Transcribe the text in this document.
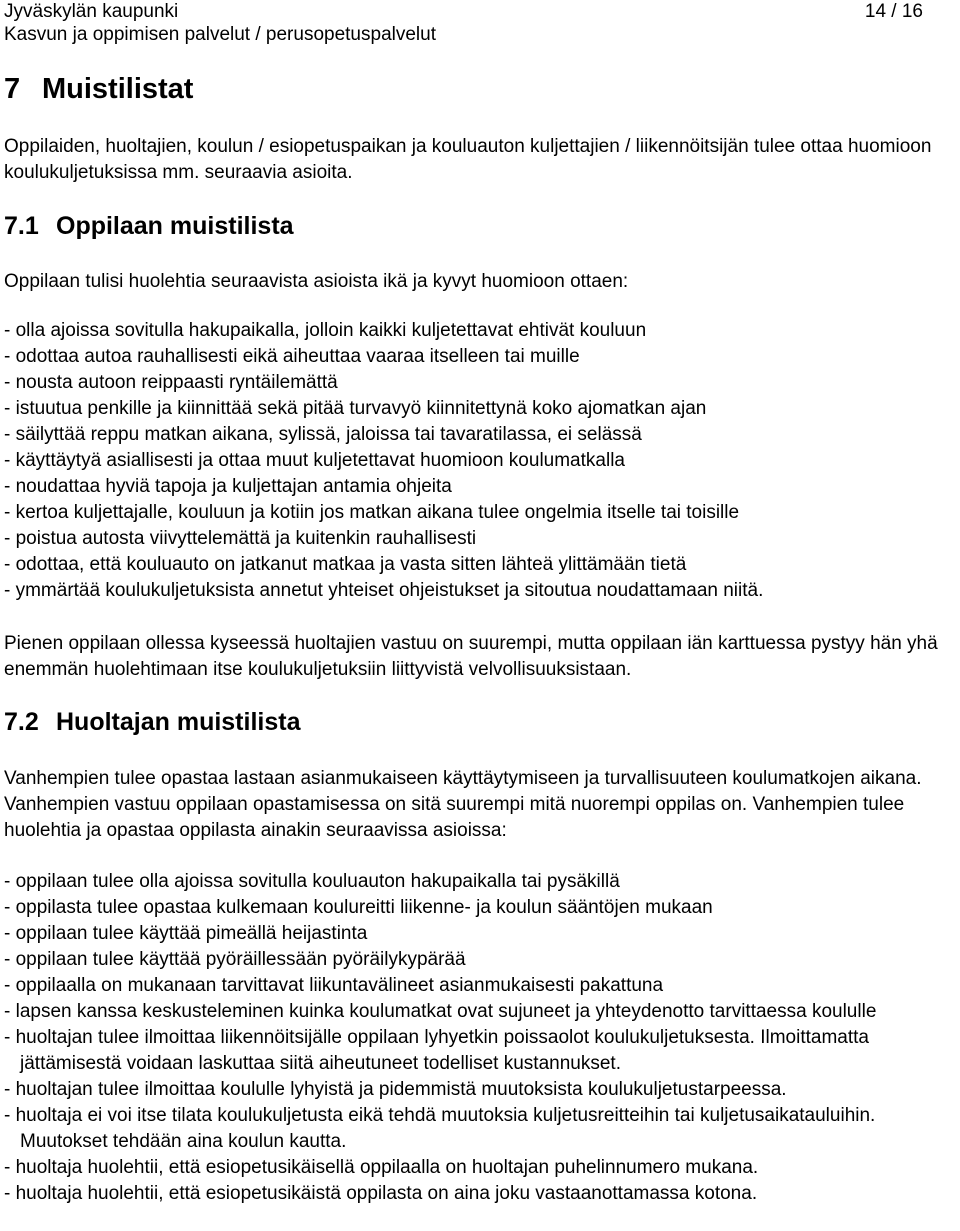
Jyväskylän kaupunki
Kasvun ja oppimisen palvelut / perusopetuspalvelut
14 / 16
7 Muistilistat

Oppilaiden, huoltajien, koulun / esiopetuspaikan ja kouluauton kuljettajien / liikennöitsijän tulee ottaa huomioon koulukuljetuksissa mm. seuraavia asioita.

7.1 Oppilaan muistilista

Oppilaan tulisi huolehtia seuraavista asioista ikä ja kyvyt huomioon ottaen:

- olla ajoissa sovitulla hakupaikalla, jolloin kaikki kuljetettavat ehtivät kouluun
- odottaa autoa rauhallisesti eikä aiheuttaa vaaraa itselleen tai muille
- nousta autoon reippaasti ryntäilemättä
- istuutua penkille ja kiinnittää sekä pitää turvavyö kiinnitettynä koko ajomatkan ajan
- säilyttää reppu matkan aikana, sylissä, jaloissa tai tavaratilassa, ei selässä
- käyttäytyä asiallisesti ja ottaa muut kuljetettavat huomioon koulumatkalla
- noudattaa hyviä tapoja ja kuljettajan antamia ohjeita
- kertoa kuljettajalle, kouluun ja kotiin jos matkan aikana tulee ongelmia itselle tai toisille
- poistua autosta viivyttelemättä ja kuitenkin rauhallisesti
- odottaa, että kouluauto on jatkanut matkaa ja vasta sitten lähteä ylittämään tietä
- ymmärtää koulukuljetuksista annetut yhteiset ohjeistukset ja sitoutua noudattamaan niitä.

Pienen oppilaan ollessa kyseessä huoltajien vastuu on suurempi, mutta oppilaan iän karttuessa pystyy hän yhä enemmän huolehtimaan itse koulukuljetuksiin liittyvistä velvollisuuksistaan.

7.2 Huoltajan muistilista

Vanhempien tulee opastaa lastaan asianmukaiseen käyttäytymiseen ja turvallisuuteen koulumatkojen aikana. Vanhempien vastuu oppilaan opastamisessa on sitä suurempi mitä nuorempi oppilas on. Vanhempien tulee huolehtia ja opastaa oppilasta ainakin seuraavissa asioissa:

- oppilaan tulee olla ajoissa sovitulla kouluauton hakupaikalla tai pysäkillä
- oppilasta tulee opastaa kulkemaan koulureitti liikenne- ja koulun sääntöjen mukaan
- oppilaan tulee käyttää pimeällä heijastinta
- oppilaan tulee käyttää pyöräillessään pyöräilykypärää
- oppilaalla on mukanaan tarvittavat liikuntavälineet asianmukaisesti pakattuna
- lapsen kanssa keskusteleminen kuinka koulumatkat ovat sujuneet ja yhteydenotto tarvittaessa koululle
- huoltajan tulee ilmoittaa liikennöitsijälle oppilaan lyhyetkin poissaolot koulukuljetuksesta. Ilmoittamatta jättämisestä voidaan laskuttaa siitä aiheutuneet todelliset kustannukset.
- huoltajan tulee ilmoittaa koululle lyhyistä ja pidemmistä muutoksista koulukuljetustarpeessa.
- huoltaja ei voi itse tilata koulukuljetusta eikä tehdä muutoksia kuljetusreitteihin tai kuljetusaikatauluihin. Muutokset tehdään aina koulun kautta.
- huoltaja huolehtii, että esiopetusikäisellä oppilaalla on huoltajan puhelinnumero mukana.
- huoltaja huolehtii, että esiopetusikäistä oppilasta on aina joku vastaanottamassa kotona.
